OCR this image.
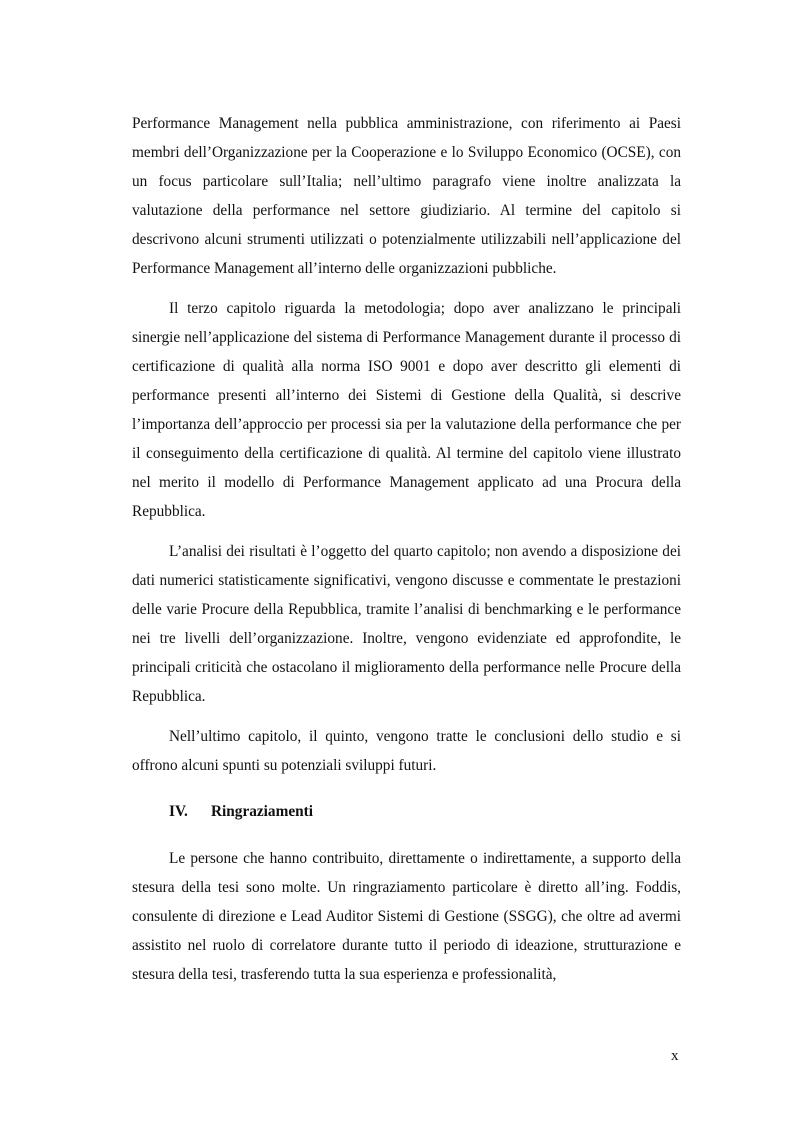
Performance Management nella pubblica amministrazione, con riferimento ai Paesi membri dell’Organizzazione per la Cooperazione e lo Sviluppo Economico (OCSE), con un focus particolare sull’Italia; nell’ultimo paragrafo viene inoltre analizzata la valutazione della performance nel settore giudiziario. Al termine del capitolo si descrivono alcuni strumenti utilizzati o potenzialmente utilizzabili nell’applicazione del Performance Management all’interno delle organizzazioni pubbliche.

Il terzo capitolo riguarda la metodologia; dopo aver analizzano le principali sinergie nell’applicazione del sistema di Performance Management durante il processo di certificazione di qualità alla norma ISO 9001 e dopo aver descritto gli elementi di performance presenti all’interno dei Sistemi di Gestione della Qualità, si descrive l’importanza dell’approccio per processi sia per la valutazione della performance che per il conseguimento della certificazione di qualità. Al termine del capitolo viene illustrato nel merito il modello di Performance Management applicato ad una Procura della Repubblica.

L’analisi dei risultati è l’oggetto del quarto capitolo; non avendo a disposizione dei dati numerici statisticamente significativi, vengono discusse e commentate le prestazioni delle varie Procure della Repubblica, tramite l’analisi di benchmarking e le performance nei tre livelli dell’organizzazione. Inoltre, vengono evidenziate ed approfondite, le principali criticità che ostacolano il miglioramento della performance nelle Procure della Repubblica.

Nell’ultimo capitolo, il quinto, vengono tratte le conclusioni dello studio e si offrono alcuni spunti su potenziali sviluppi futuri.

IV.	Ringraziamenti

Le persone che hanno contribuito, direttamente o indirettamente, a supporto della stesura della tesi sono molte. Un ringraziamento particolare è diretto all’ing. Foddis, consulente di direzione e Lead Auditor Sistemi di Gestione (SSGG), che oltre ad avermi assistito nel ruolo di correlatore durante tutto il periodo di ideazione, strutturazione e stesura della tesi, trasferendo tutta la sua esperienza e professionalità,

x
